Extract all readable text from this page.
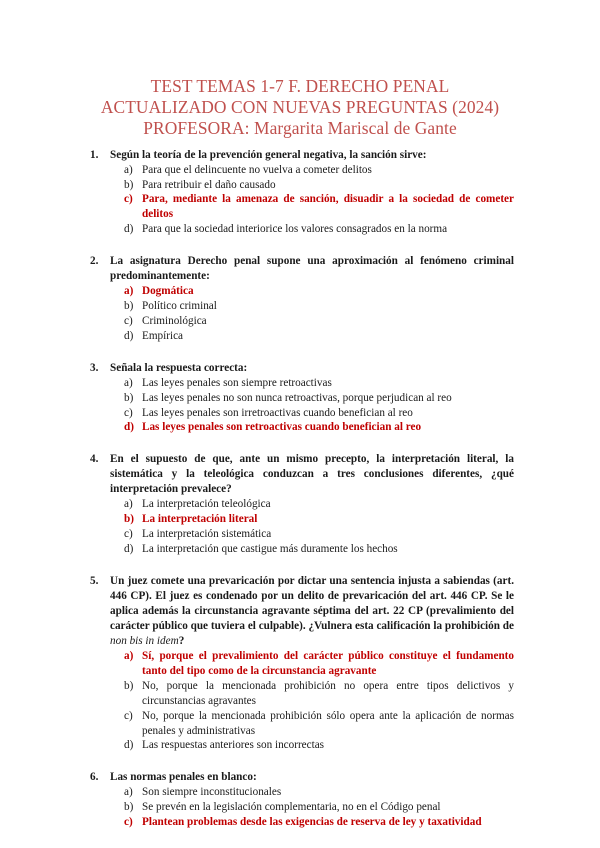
TEST TEMAS 1-7 F. DERECHO PENAL
ACTUALIZADO CON NUEVAS PREGUNTAS (2024)
PROFESORA: Margarita Mariscal de Gante
1.	Según la teoría de la prevención general negativa, la sanción sirve:
a) Para que el delincuente no vuelva a cometer delitos
b) Para retribuir el daño causado
c) Para, mediante la amenaza de sanción, disuadir a la sociedad de cometer delitos
d) Para que la sociedad interiorice los valores consagrados en la norma
2.	La asignatura Derecho penal supone una aproximación al fenómeno criminal predominantemente:
a) Dogmática
b) Político criminal
c) Criminológica
d) Empírica
3.	Señala la respuesta correcta:
a) Las leyes penales son siempre retroactivas
b) Las leyes penales no son nunca retroactivas, porque perjudican al reo
c) Las leyes penales son irretroactivas cuando benefician al reo
d) Las leyes penales son retroactivas cuando benefician al reo
4.	En el supuesto de que, ante un mismo precepto, la interpretación literal, la sistemática y la teleológica conduzcan a tres conclusiones diferentes, ¿qué interpretación prevalece?
a) La interpretación teleológica
b) La interpretación literal
c) La interpretación sistemática
d) La interpretación que castigue más duramente los hechos
5.	Un juez comete una prevaricación por dictar una sentencia injusta a sabiendas (art. 446 CP). El juez es condenado por un delito de prevaricación del art. 446 CP. Se le aplica además la circunstancia agravante séptima del art. 22 CP (prevalimiento del carácter público que tuviera el culpable). ¿Vulnera esta calificación la prohibición de non bis in idem?
a) Sí, porque el prevalimiento del carácter público constituye el fundamento tanto del tipo como de la circunstancia agravante
b) No, porque la mencionada prohibición no opera entre tipos delictivos y circunstancias agravantes
c) No, porque la mencionada prohibición sólo opera ante la aplicación de normas penales y administrativas
d) Las respuestas anteriores son incorrectas
6.	Las normas penales en blanco:
a) Son siempre inconstitucionales
b) Se prevén en la legislación complementaria, no en el Código penal
c) Plantean problemas desde las exigencias de reserva de ley y taxatividad
